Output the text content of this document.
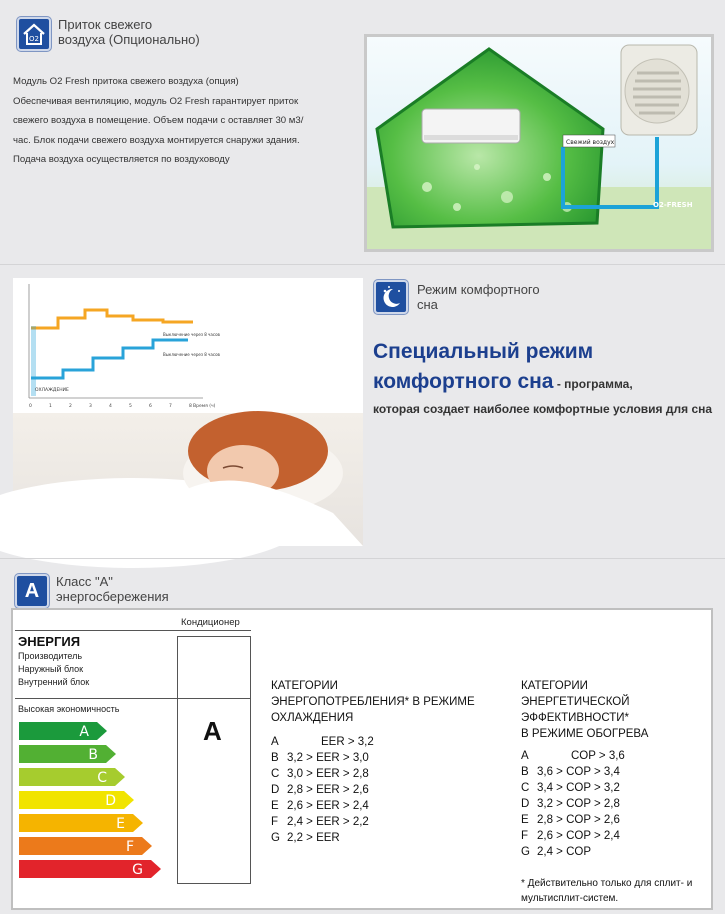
O2
Приток свежего
воздуха (Опционально)

Модуль О2 Fresh притока свежего воздуха (опция)

Обеспечивая вентиляцию, модуль О2 Fresh гарантирует приток

свежего воздуха в помещение. Объем подачи с оставляет 30 м3/

час. Блок подачи свежего воздуха монтируется снаружи здания.

Подача воздуха осуществляется по воздуховоду

Свежий воздух
O2-FRESH
ОХЛАЖДЕНИЕ
Выключение через 8 часов
Выключение через 8 часов
0	1	2	3	4	5	6	7	8 Время (ч)
Режим комфортного
сна
Специальный режим
комфортного сна - программа,
которая создает наиболее комфортные условия для сна
A Класс "А"
энергосбережения
Кондиционер
ЭНЕРГИЯ
Производитель
Наружный блок
Внутренний блок
Высокая экономичность
A
A
B
C
D
E
F
G
КАТЕГОРИИ
ЭНЕРГОПОТРЕБЛЕНИЯ* В РЕЖИМЕ
ОХЛАЖДЕНИЯ
A	EER > 3,2
B 3,2 > EER > 3,0
C 3,0 > EER > 2,8
D 2,8 > EER > 2,6
E 2,6 > EER > 2,4
F 2,4 > EER > 2,2
G 2,2 > EER
КАТЕГОРИИ
ЭНЕРГЕТИЧЕСКОЙ
ЭФФЕКТИВНОСТИ*
В РЕЖИМЕ ОБОГРЕВА
A	COP > 3,6
B 3,6 > COP > 3,4
C 3,4 > COP > 3,2
D 3,2 > COP > 2,8
E 2,8 > COP > 2,6
F 2,6 > COP > 2,4
G 2,4 > COP
* Действительно только для сплит- и
мультисплит-систем.
